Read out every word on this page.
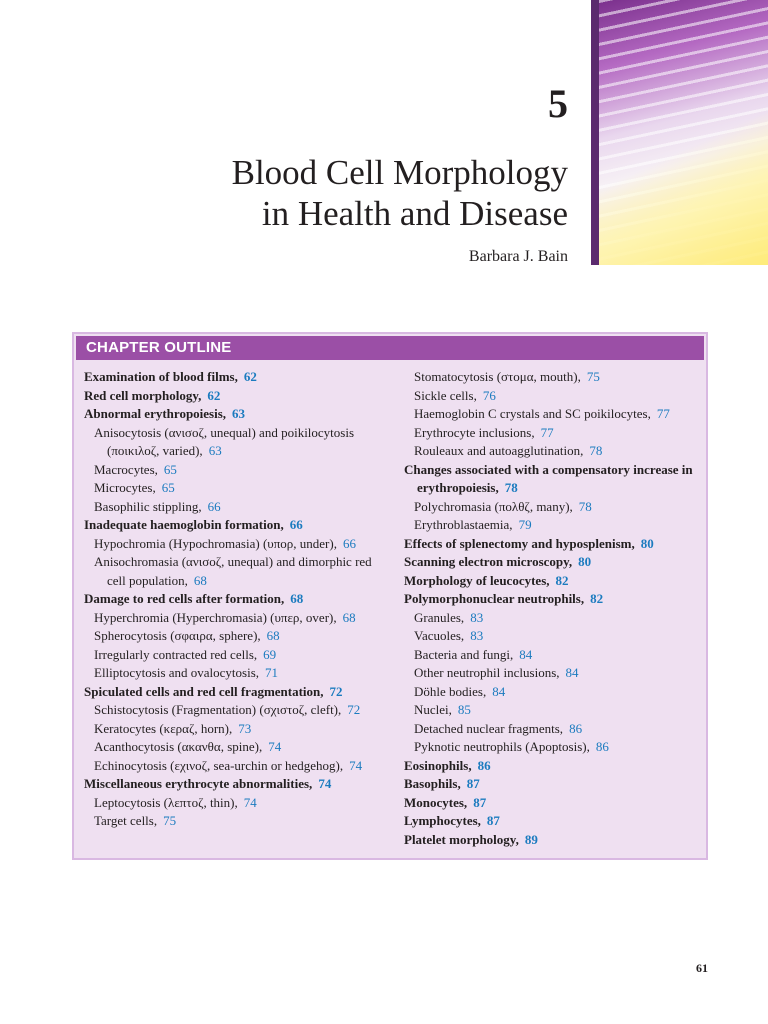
5
Blood Cell Morphology
in Health and Disease
Barbara J. Bain
CHAPTER OUTLINE

Examination of blood films, 62

Red cell morphology, 62

Abnormal erythropoiesis, 63

Anisocytosis (ανισοζ, unequal) and poikilocytosis (ποικιλοζ, varied), 63

Macrocytes, 65

Microcytes, 65

Basophilic stippling, 66

Inadequate haemoglobin formation, 66

Hypochromia (Hypochromasia) (υπορ, under), 66

Anisochromasia (ανισοζ, unequal) and dimorphic red cell population, 68

Damage to red cells after formation, 68

Hyperchromia (Hyperchromasia) (υπερ, over), 68

Spherocytosis (σφαιρα, sphere), 68

Irregularly contracted red cells, 69

Elliptocytosis and ovalocytosis, 71

Spiculated cells and red cell fragmentation, 72

Schistocytosis (Fragmentation) (σχιστοζ, cleft), 72

Keratocytes (κεραζ, horn), 73

Acanthocytosis (ακανθα, spine), 74

Echinocytosis (εχινοζ, sea-urchin or hedgehog), 74

Miscellaneous erythrocyte abnormalities, 74

Leptocytosis (λεπτοζ, thin), 74

Target cells, 75

Stomatocytosis (στομα, mouth), 75

Sickle cells, 76

Haemoglobin C crystals and SC poikilocytes, 77

Erythrocyte inclusions, 77

Rouleaux and autoagglutination, 78

Changes associated with a compensatory increase in erythropoiesis, 78

Polychromasia (πολθζ, many), 78

Erythroblastaemia, 79

Effects of splenectomy and hyposplenism, 80

Scanning electron microscopy, 80

Morphology of leucocytes, 82

Polymorphonuclear neutrophils, 82

Granules, 83

Vacuoles, 83

Bacteria and fungi, 84

Other neutrophil inclusions, 84

Döhle bodies, 84

Nuclei, 85

Detached nuclear fragments, 86

Pyknotic neutrophils (Apoptosis), 86

Eosinophils, 86

Basophils, 87

Monocytes, 87

Lymphocytes, 87

Platelet morphology, 89

61
